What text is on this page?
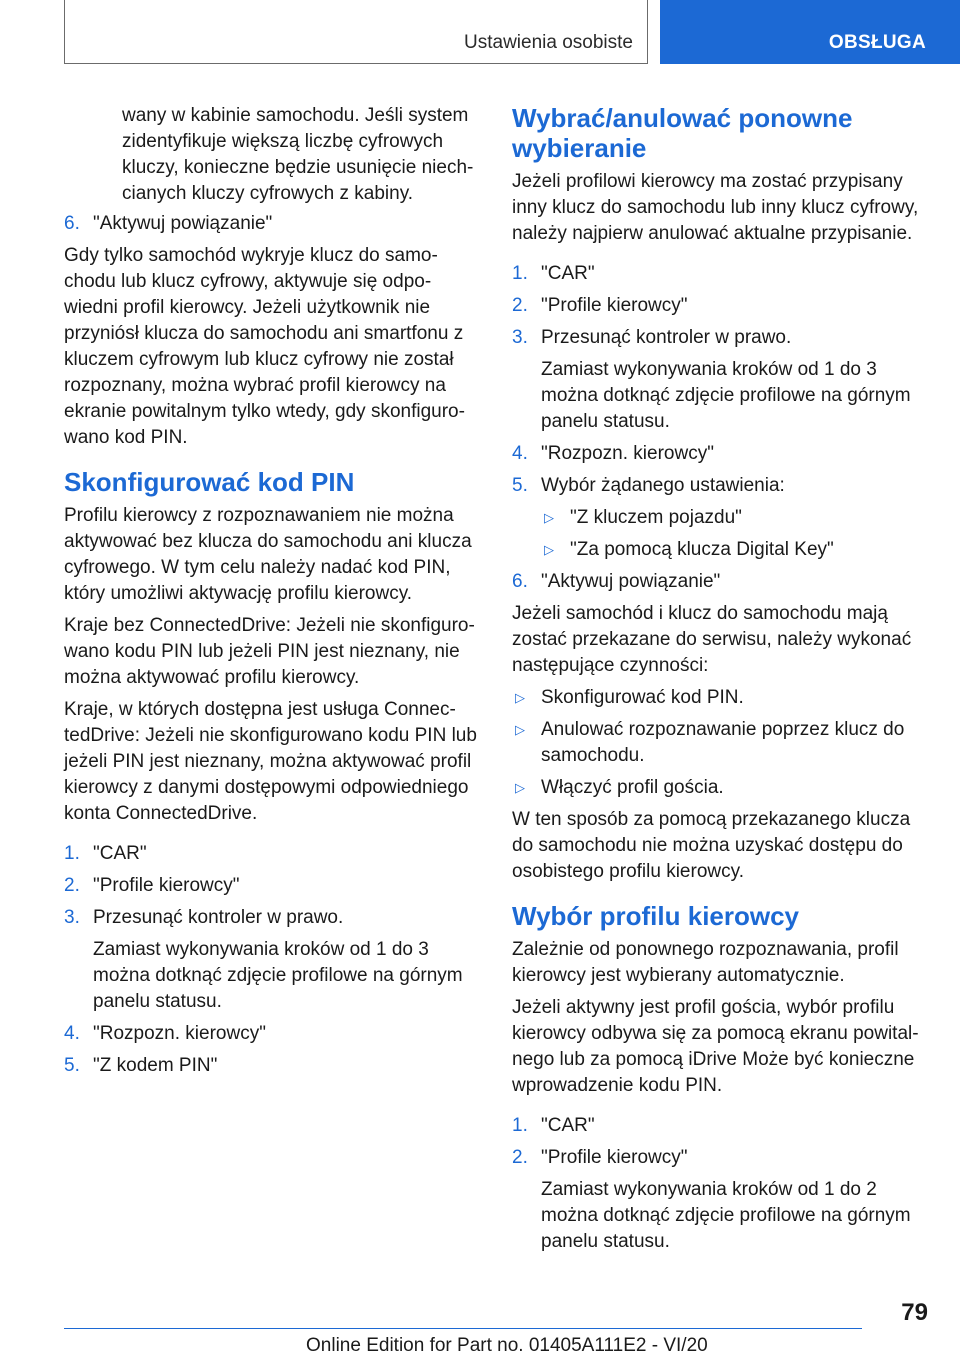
Ustawienia osobiste	OBSŁUGA

wany w kabinie samochodu. Jeśli system zidentyfikuje większą liczbę cyfrowych kluczy, konieczne będzie usunięcie niechcianych kluczy cyfrowych z kabiny.

6. "Aktywuj powiązanie"

Gdy tylko samochód wykryje klucz do samochodu lub klucz cyfrowy, aktywuje się odpowiedni profil kierowcy. Jeżeli użytkownik nie przyniósł klucza do samochodu ani smartfonu z kluczem cyfrowym lub klucz cyfrowy nie został rozpoznany, można wybrać profil kierowcy na ekranie powitalnym tylko wtedy, gdy skonfigurowano kod PIN.

Skonfigurować kod PIN

Profilu kierowcy z rozpoznawaniem nie można aktywować bez klucza do samochodu ani klucza cyfrowego. W tym celu należy nadać kod PIN, który umożliwi aktywację profilu kierowcy.

Kraje bez ConnectedDrive: Jeżeli nie skonfigurowano kodu PIN lub jeżeli PIN jest nieznany, nie można aktywować profilu kierowcy.

Kraje, w których dostępna jest usługa ConnectedDrive: Jeżeli nie skonfigurowano kodu PIN lub jeżeli PIN jest nieznany, można aktywować profil kierowcy z danymi dostępowymi odpowiedniego konta ConnectedDrive.

1. "CAR"
2. "Profile kierowcy"
3. Przesunąć kontroler w prawo.
Zamiast wykonywania kroków od 1 do 3 można dotknąć zdjęcie profilowe na górnym panelu statusu.
4. "Rozpozn. kierowcy"
5. "Z kodem PIN"
Wybrać/anulować ponowne wybieranie

Jeżeli profilowi kierowcy ma zostać przypisany inny klucz do samochodu lub inny klucz cyfrowy, należy najpierw anulować aktualne przypisanie.

1. "CAR"
2. "Profile kierowcy"
3. Przesunąć kontroler w prawo.
Zamiast wykonywania kroków od 1 do 3 można dotknąć zdjęcie profilowe na górnym panelu statusu.
4. "Rozpozn. kierowcy"
5. Wybór żądanego ustawienia:
▷ "Z kluczem pojazdu"
▷ "Za pomocą klucza Digital Key"
6. "Aktywuj powiązanie"

Jeżeli samochód i klucz do samochodu mają zostać przekazane do serwisu, należy wykonać następujące czynności:

▷ Skonfigurować kod PIN.
▷ Anulować rozpoznawanie poprzez klucz do samochodu.
▷ Włączyć profil gościa.

W ten sposób za pomocą przekazanego klucza do samochodu nie można uzyskać dostępu do osobistego profilu kierowcy.

Wybór profilu kierowcy

Zależnie od ponownego rozpoznawania, profil kierowcy jest wybierany automatycznie.

Jeżeli aktywny jest profil gościa, wybór profilu kierowcy odbywa się za pomocą ekranu powitalnego lub za pomocą iDrive Może być konieczne wprowadzenie kodu PIN.

1. "CAR"
2. "Profile kierowcy"
Zamiast wykonywania kroków od 1 do 2 można dotknąć zdjęcie profilowe na górnym panelu statusu.
79
Online Edition for Part no. 01405A111E2 - VI/20
